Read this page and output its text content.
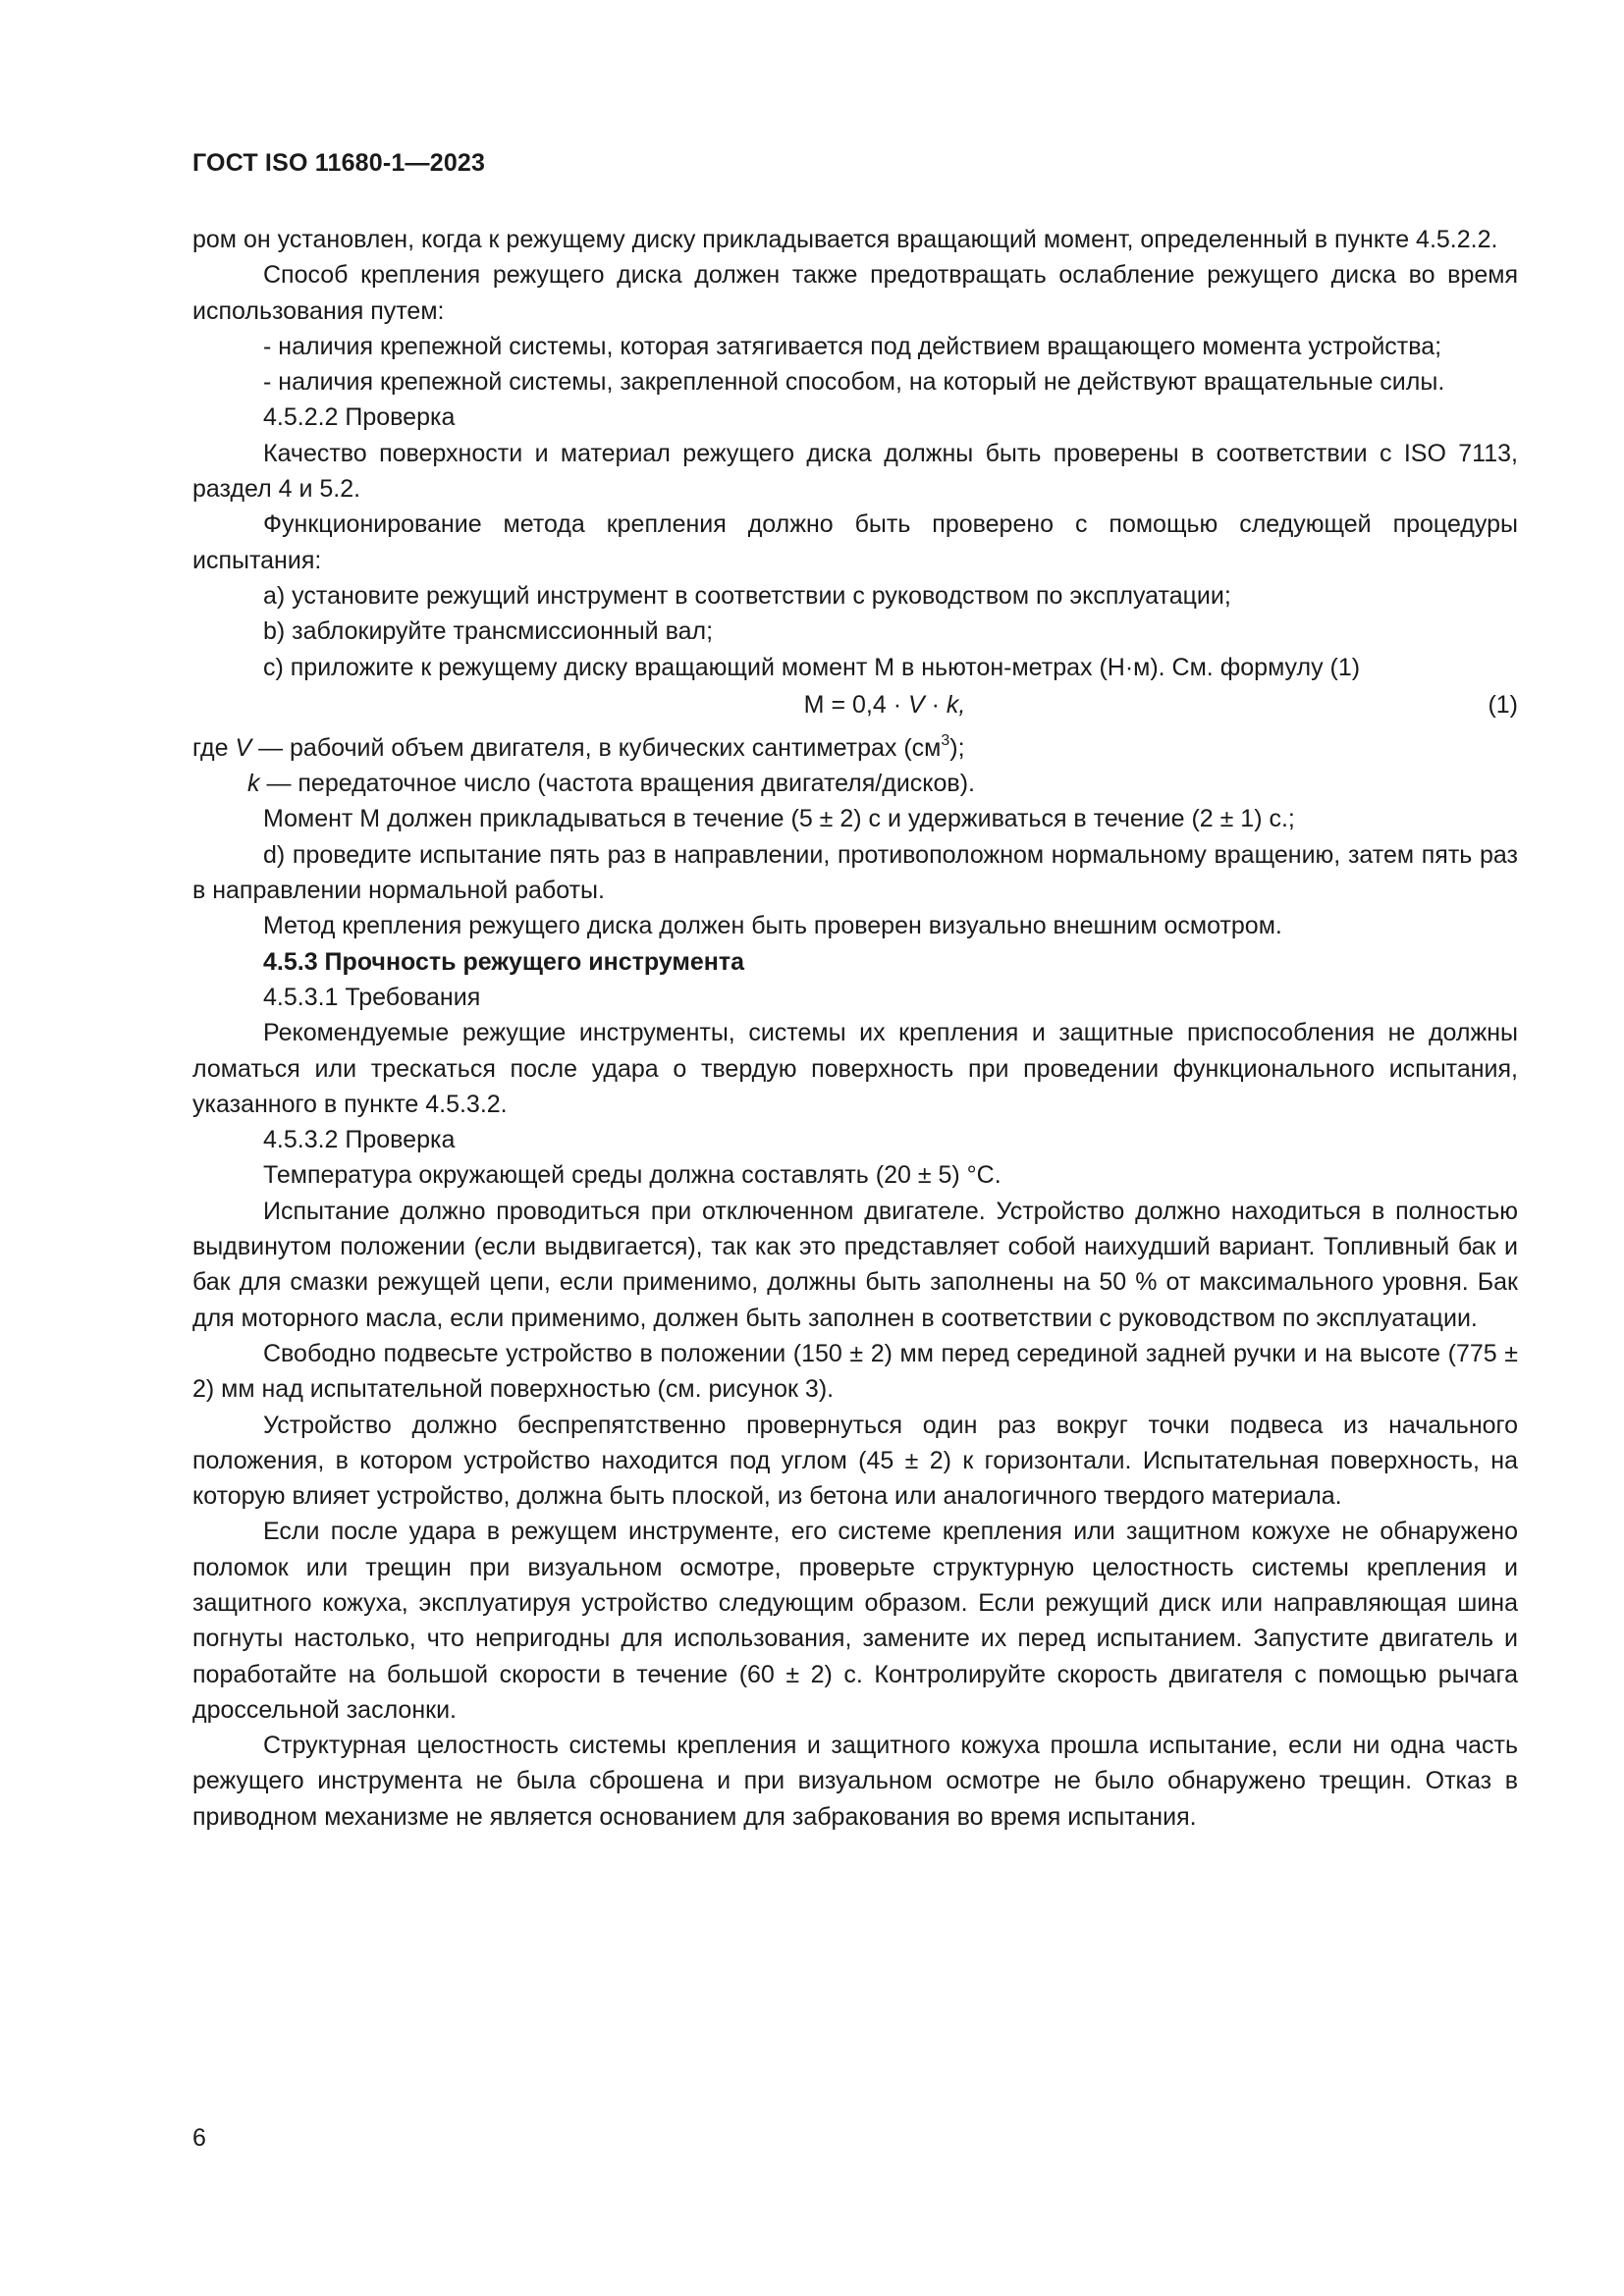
ГОСТ ISO 11680-1—2023

ром он установлен, когда к режущему диску прикладывается вращающий момент, определенный в пункте 4.5.2.2.

Способ крепления режущего диска должен также предотвращать ослабление режущего диска во время использования путем:

- наличия крепежной системы, которая затягивается под действием вращающего момента устройства;

- наличия крепежной системы, закрепленной способом, на который не действуют вращательные силы.

4.5.2.2 Проверка

Качество поверхности и материал режущего диска должны быть проверены в соответствии с ISO 7113, раздел 4 и 5.2.

Функционирование метода крепления должно быть проверено с помощью следующей процедуры испытания:

a) установите режущий инструмент в соответствии с руководством по эксплуатации;

b) заблокируйте трансмиссионный вал;

c) приложите к режущему диску вращающий момент М в ньютон-метрах (Н·м). См. формулу (1)

М = 0,4 · V · k,	(1)

где V — рабочий объем двигателя, в кубических сантиметрах $(см^3)$;

k — передаточное число (частота вращения двигателя/дисков).

Момент М должен прикладываться в течение (5 ± 2) с и удерживаться в течение (2 ± 1) с.;

d) проведите испытание пять раз в направлении, противоположном нормальному вращению, затем пять раз в направлении нормальной работы.

Метод крепления режущего диска должен быть проверен визуально внешним осмотром.

4.5.3 Прочность режущего инструмента

4.5.3.1 Требования

Рекомендуемые режущие инструменты, системы их крепления и защитные приспособления не должны ломаться или трескаться после удара о твердую поверхность при проведении функционального испытания, указанного в пункте 4.5.3.2.

4.5.3.2 Проверка

Температура окружающей среды должна составлять (20 ± 5) °С.

Испытание должно проводиться при отключенном двигателе. Устройство должно находиться в полностью выдвинутом положении (если выдвигается), так как это представляет собой наихудший вариант. Топливный бак и бак для смазки режущей цепи, если применимо, должны быть заполнены на 50 % от максимального уровня. Бак для моторного масла, если применимо, должен быть заполнен в соответствии с руководством по эксплуатации.

Свободно подвесьте устройство в положении (150 ± 2) мм перед серединой задней ручки и на высоте (775 ± 2) мм над испытательной поверхностью (см. рисунок 3).

Устройство должно беспрепятственно провернуться один раз вокруг точки подвеса из начального положения, в котором устройство находится под углом (45 ± 2) к горизонтали. Испытательная поверхность, на которую влияет устройство, должна быть плоской, из бетона или аналогичного твердого материала.

Если после удара в режущем инструменте, его системе крепления или защитном кожухе не обнаружено поломок или трещин при визуальном осмотре, проверьте структурную целостность системы крепления и защитного кожуха, эксплуатируя устройство следующим образом. Если режущий диск или направляющая шина погнуты настолько, что непригодны для использования, замените их перед испытанием. Запустите двигатель и поработайте на большой скорости в течение (60 ± 2) с. Контролируйте скорость двигателя с помощью рычага дроссельной заслонки.

Структурная целостность системы крепления и защитного кожуха прошла испытание, если ни одна часть режущего инструмента не была сброшена и при визуальном осмотре не было обнаружено трещин. Отказ в приводном механизме не является основанием для забракования во время испытания.

6
